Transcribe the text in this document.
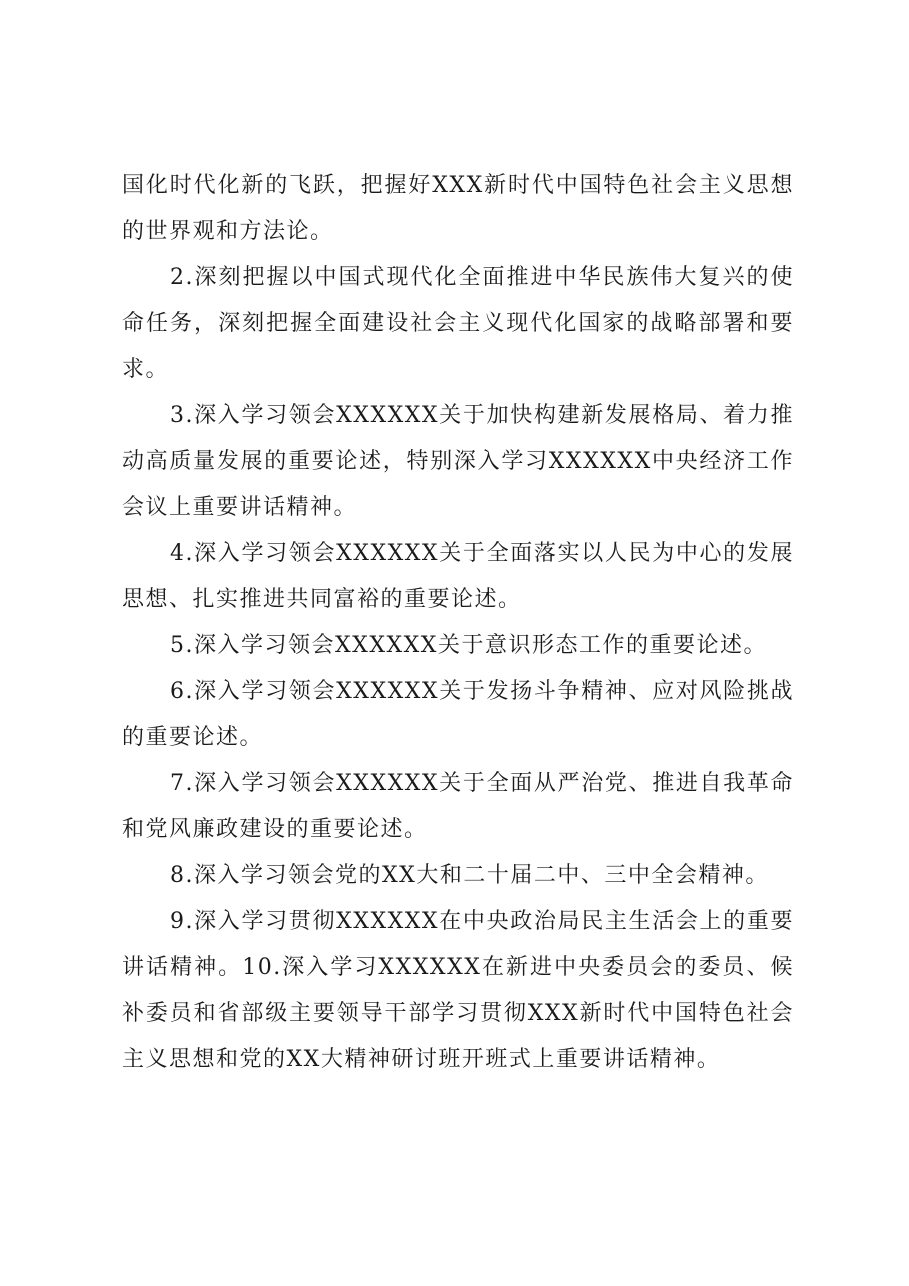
国化时代化新的飞跃，把握好XXX新时代中国特色社会主义思想的世界观和方法论。

2.深刻把握以中国式现代化全面推进中华民族伟大复兴的使命任务，深刻把握全面建设社会主义现代化国家的战略部署和要求。

3.深入学习领会XXXXXX关于加快构建新发展格局、着力推动高质量发展的重要论述，特别深入学习XXXXXX中央经济工作会议上重要讲话精神。

4.深入学习领会XXXXXX关于全面落实以人民为中心的发展思想、扎实推进共同富裕的重要论述。

5.深入学习领会XXXXXX关于意识形态工作的重要论述。

6.深入学习领会XXXXXX关于发扬斗争精神、应对风险挑战的重要论述。

7.深入学习领会XXXXXX关于全面从严治党、推进自我革命和党风廉政建设的重要论述。

8.深入学习领会党的XX大和二十届二中、三中全会精神。

9.深入学习贯彻XXXXXX在中央政治局民主生活会上的重要讲话精神。10.深入学习XXXXXX在新进中央委员会的委员、候补委员和省部级主要领导干部学习贯彻XXX新时代中国特色社会主义思想和党的XX大精神研讨班开班式上重要讲话精神。
